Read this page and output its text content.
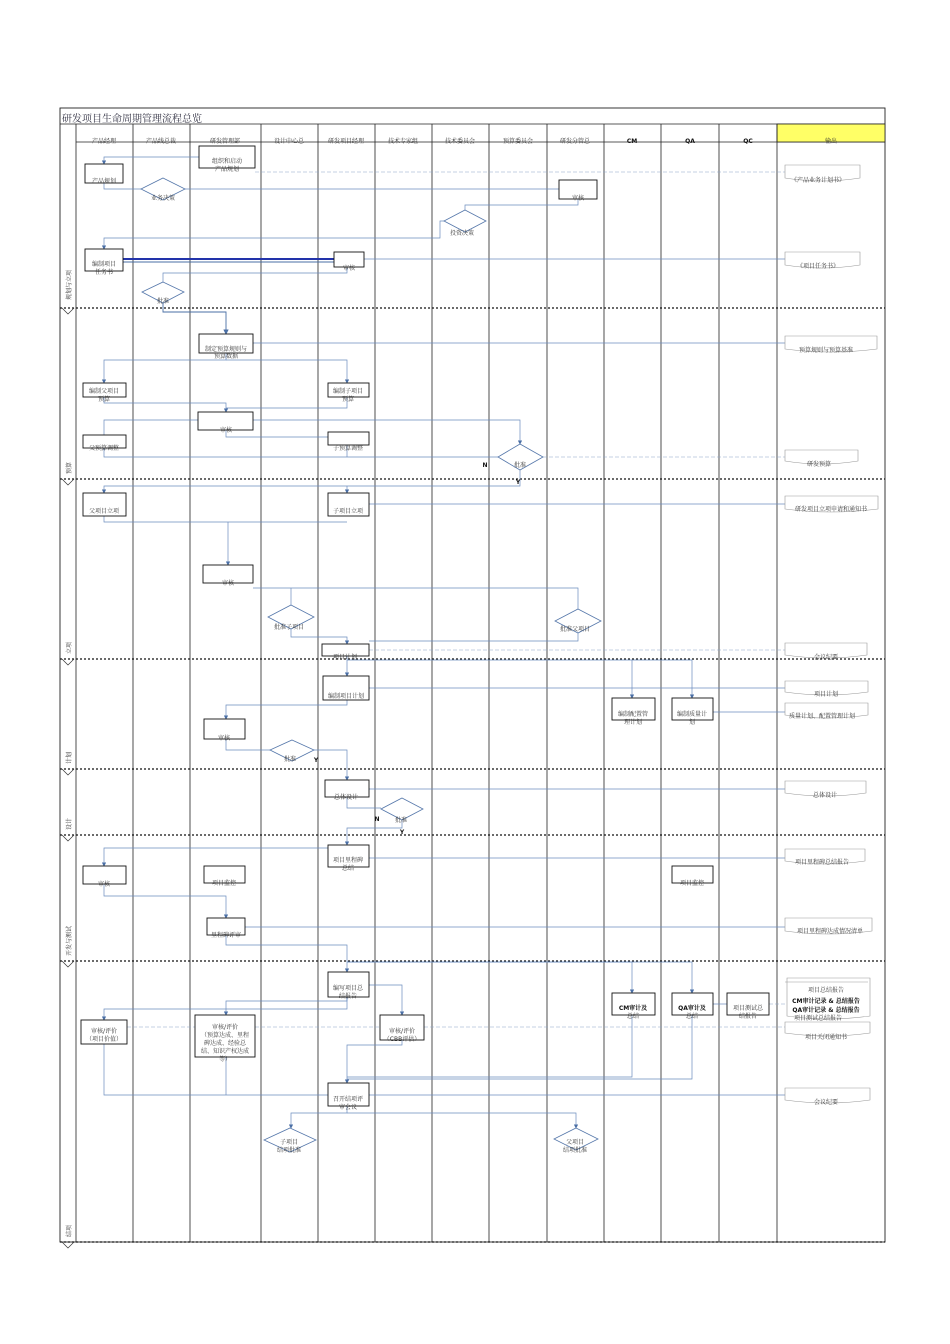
研发项目生命周期管理流程总览
产品经理	产品线总裁	研发管理部	设计中心总	研发项目经理	技术专家组	技术委员会	预算委员会	研发分管总	CM	QA	QC	输出
规划与立项
预算
立项
计划
设计
开发与测试
结项
组织和启动
产品规划
产品规划
审核
编制项目
任务书
审核
制定预算规则与
预算数据
编制父项目
预算
编制子项目
预算
审核
父预算调整	子预算调整
父项目立项	子项目立项
审核
项目计划
编制项目计划
编制配置管
理计划
编制质量计
划
审核
总体设计
项目里程碑
总结
审核	项目监控	项目监控
里程碑评审
编写项目总
结报告
审核/评价
（项目价值）
审核/评价
（预算达成、里程
碑达成、经验总
结、知识产权达成
等）
审核/评价
（CBB评估）
CM审计及
总结
QA审计及
总结
项目测试总
结报告
召开结项评
审会议
业务决策
投资决策
批准
批准
批准子项目	批准父项目
批准
批准
子项目
结项批准
父项目
结项批准
N
Y
Y
N
Y
《产品业务计划书》
《项目任务书》
预算规则与预算基准
研发预算
研发项目立项申请和通知书
会议纪要
项目计划
质量计划、配置管理计划
总体设计
项目里程碑总结报告
项目里程碑达成情况清单
项目总结报告
CM审计记录 & 总结报告
QA审计记录 & 总结报告
项目测试总结报告
项目关闭通知书
会议纪要
